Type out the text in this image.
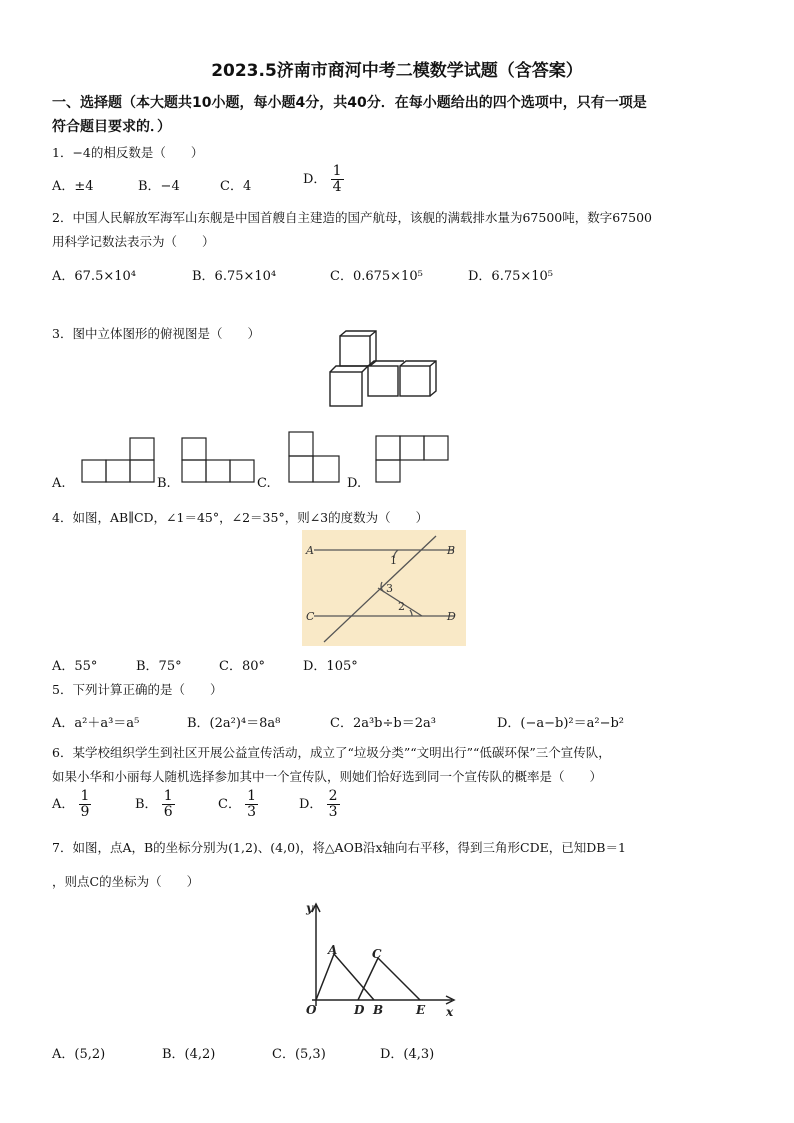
2023.5济南市商河中考二模数学试题（含答案）
一、选择题（本大题共10小题，每小题4分，共40分．在每小题给出的四个选项中，只有一项是
符合题目要求的．）
1．−4的相反数是（　　）
A．±4	B．−4	C．4	D． $\frac{1}{4}$
2．中国人民解放军海军山东舰是中国首艘自主建造的国产航母，该舰的满载排水量为67500吨，数字67500
用科学记数法表示为（　　）
A．67.5×10⁴	B．6.75×10⁴	C．0.675×10⁵	D．6.75×10⁵
3．图中立体图形的俯视图是（　　）
A.	B.	C.	D.
4．如图，AB∥CD，∠1＝45°，∠2＝35°，则∠3的度数为（　　）
A	B
C	D
1
3
2
A．55°	B．75°	C．80°	D．105°
5．下列计算正确的是（　　）
A．a²＋a³＝a⁵	B．(2a²)⁴＝8a⁸	C．2a³b÷b＝2a³	D．(−a−b)²＝a²−b²
6．某学校组织学生到社区开展公益宣传活动，成立了“垃圾分类”“文明出行”“低碳环保”三个宣传队，
如果小华和小丽每人随机选择参加其中一个宣传队，则她们恰好选到同一个宣传队的概率是（　　）
A． $\frac{1}{9}$	B． $\frac{1}{6}$	C． $\frac{1}{3}$	D． $\frac{2}{3}$
7．如图，点A，B的坐标分别为(1,2)、(4,0)，将△AOB沿x轴向右平移，得到三角形CDE，已知DB＝1
，则点C的坐标为（　　）
y
x
O
A	C
D B	E
A．(5,2)	B．(4,2)	C．(5,3)	D．(4,3)
